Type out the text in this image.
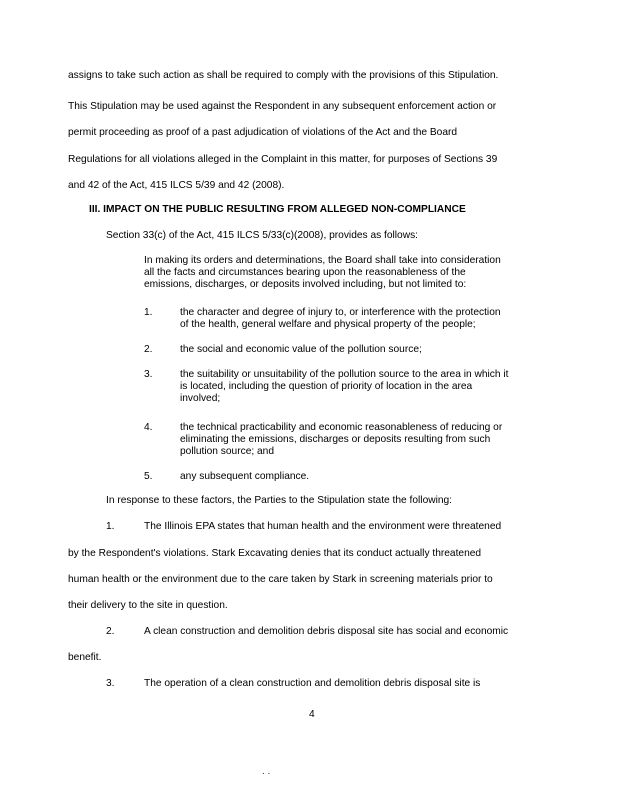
assigns to take such action as shall be required to comply with the provisions of this Stipulation.
This Stipulation may be used against the Respondent in any subsequent enforcement action or
permit proceeding as proof of a past adjudication of violations of the Act and the Board
Regulations for all violations alleged in the Complaint in this matter, for purposes of Sections 39
and 42 of the Act, 415 ILCS 5/39 and 42 (2008).
III. IMPACT ON THE PUBLIC RESULTING FROM ALLEGED NON-COMPLIANCE
Section 33(c) of the Act, 415 ILCS 5/33(c)(2008), provides as follows:
In making its orders and determinations, the Board shall take into consideration
all the facts and circumstances bearing upon the reasonableness of the
emissions, discharges, or deposits involved including, but not limited to:
1.	the character and degree of injury to, or interference with the protection
of the health, general welfare and physical property of the people;
2.	the social and economic value of the pollution source;
3.	the suitability or unsuitability of the pollution source to the area in which it
is located, including the question of priority of location in the area
involved;
4.	the technical practicability and economic reasonableness of reducing or
eliminating the emissions, discharges or deposits resulting from such
pollution source; and
5.	any subsequent compliance.
In response to these factors, the Parties to the Stipulation state the following:
1.	The Illinois EPA states that human health and the environment were threatened
by the Respondent's violations. Stark Excavating denies that its conduct actually threatened
human health or the environment due to the care taken by Stark in screening materials prior to
their delivery to the site in question.
2.	A clean construction and demolition debris disposal site has social and economic
benefit.
3.	The operation of a clean construction and demolition debris disposal site is
4
. .
